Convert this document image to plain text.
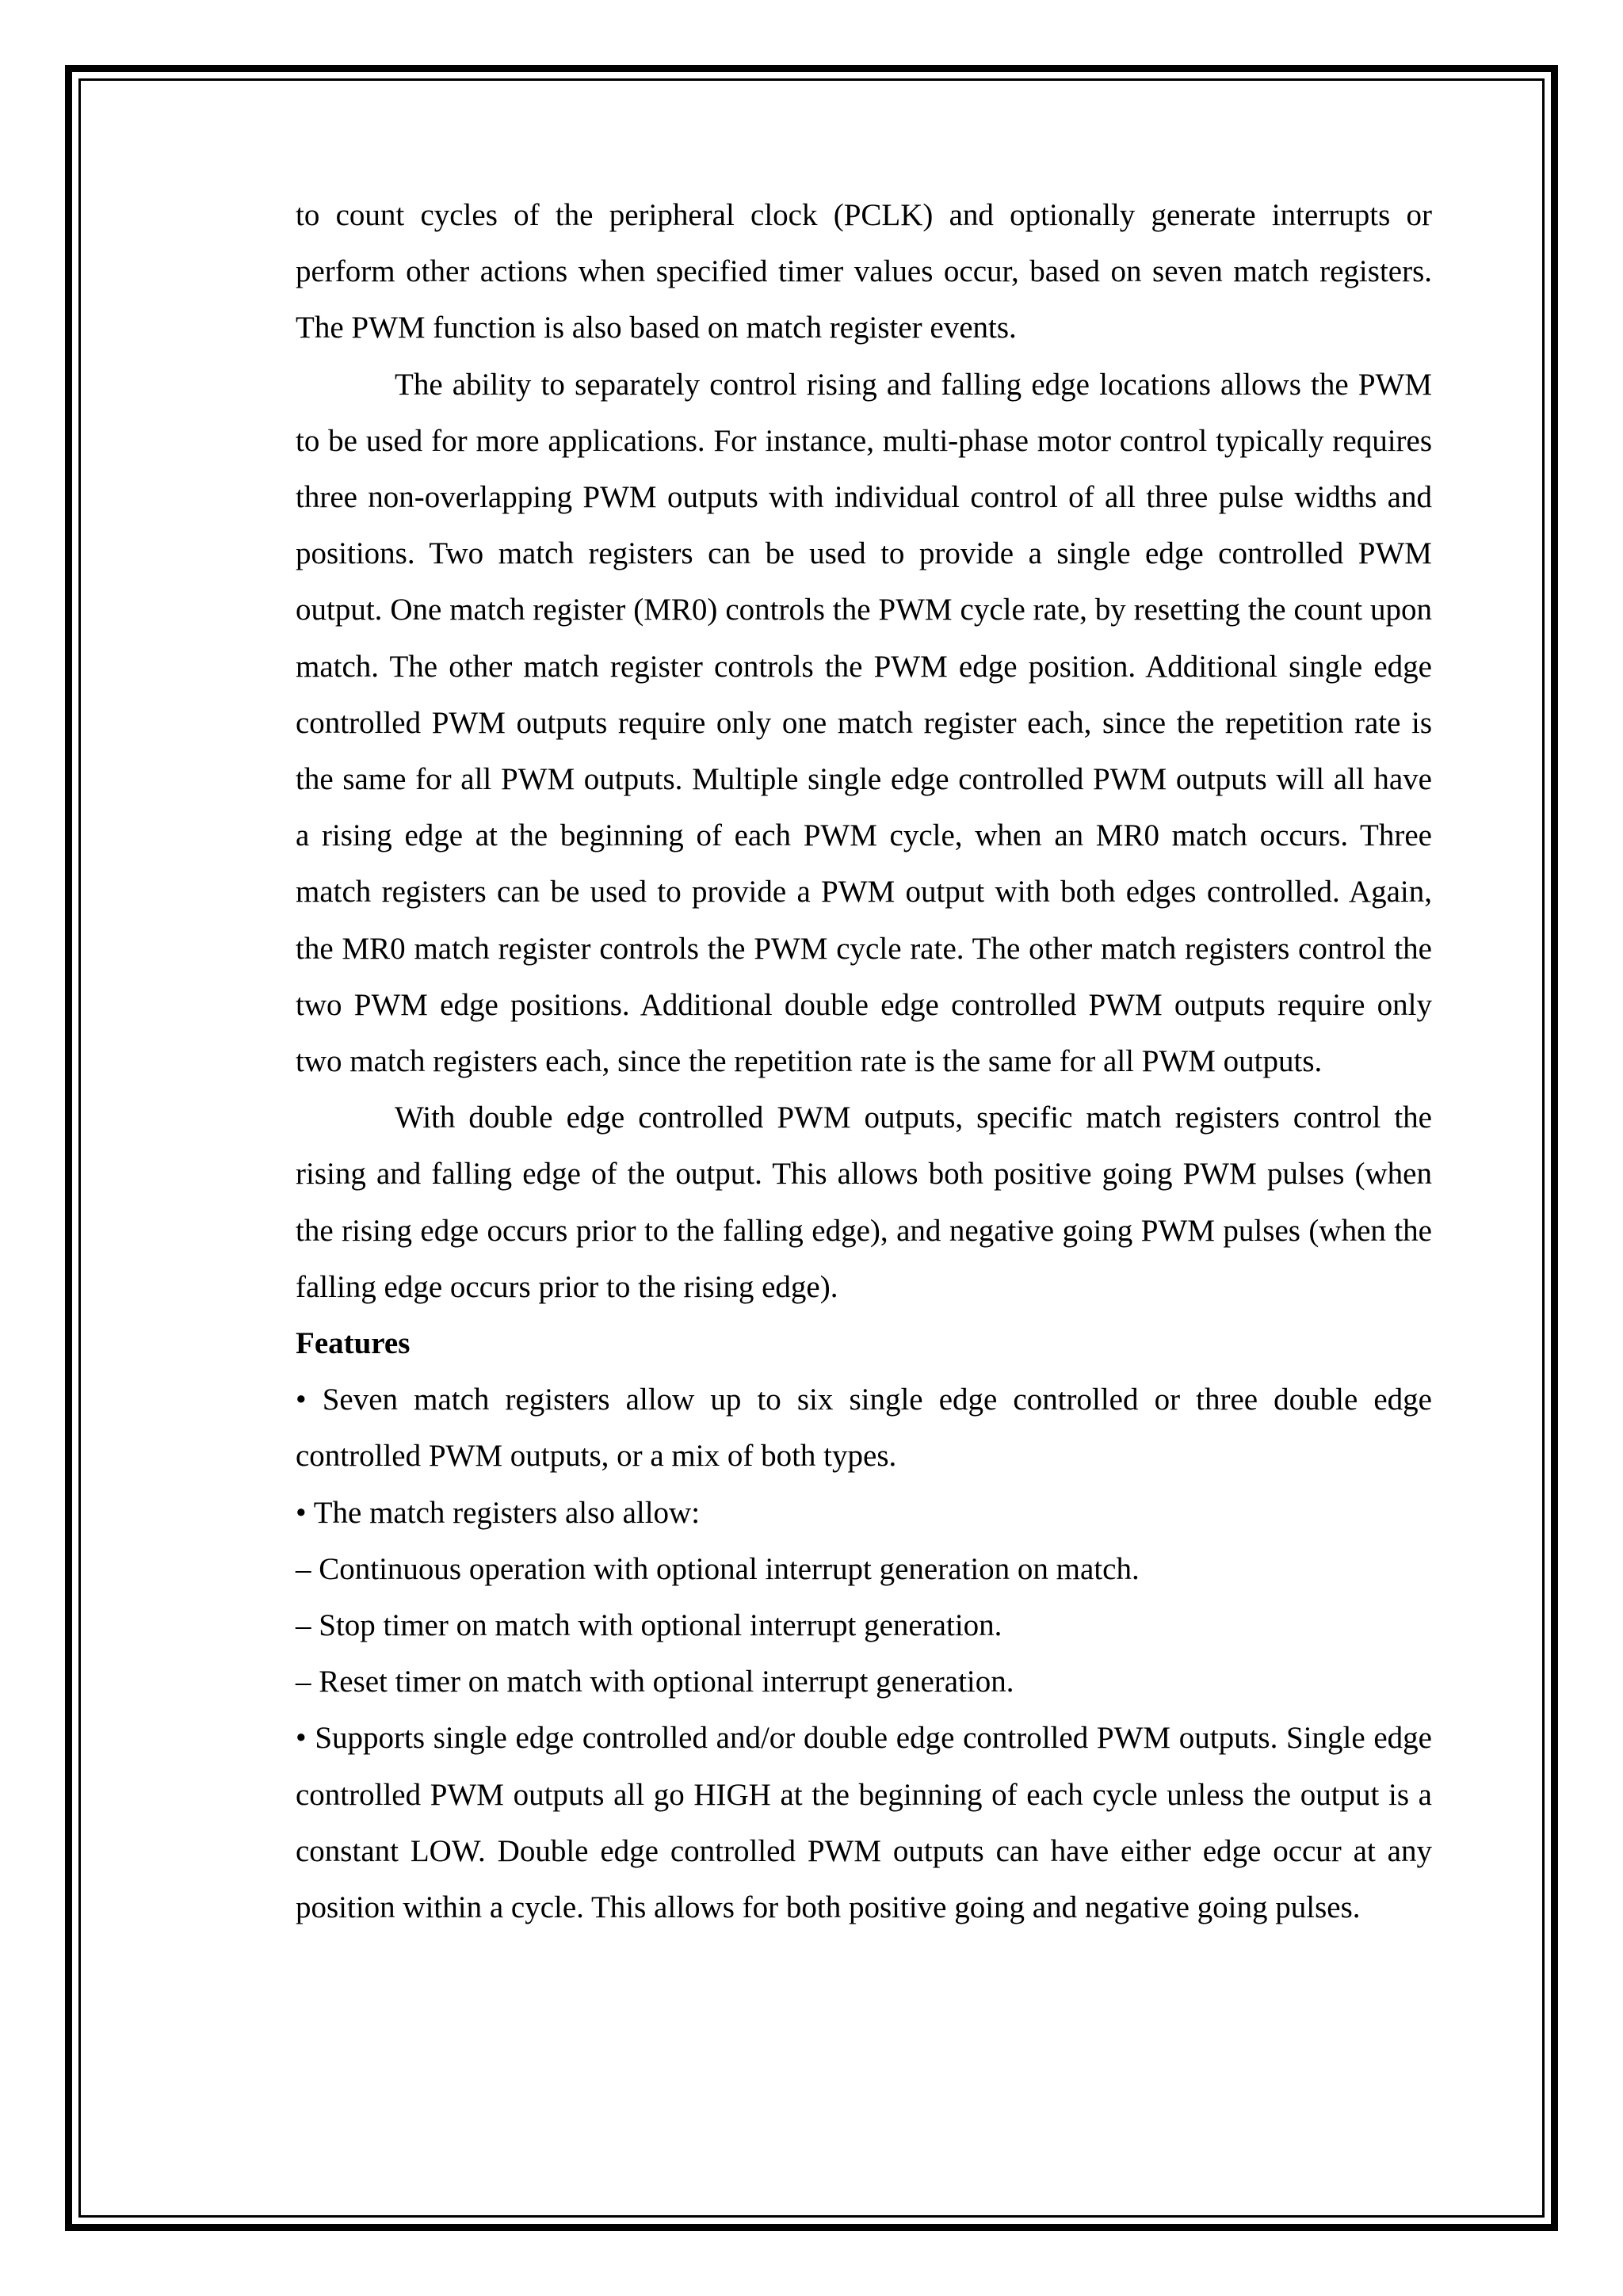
to count cycles of the peripheral clock (PCLK) and optionally generate interrupts or perform other actions when specified timer values occur, based on seven match registers. The PWM function is also based on match register events.

The ability to separately control rising and falling edge locations allows the PWM to be used for more applications. For instance, multi-phase motor control typically requires three non-overlapping PWM outputs with individual control of all three pulse widths and positions. Two match registers can be used to provide a single edge controlled PWM output. One match register (MR0) controls the PWM cycle rate, by resetting the count upon match. The other match register controls the PWM edge position. Additional single edge controlled PWM outputs require only one match register each, since the repetition rate is the same for all PWM outputs. Multiple single edge controlled PWM outputs will all have a rising edge at the beginning of each PWM cycle, when an MR0 match occurs. Three match registers can be used to provide a PWM output with both edges controlled. Again, the MR0 match register controls the PWM cycle rate. The other match registers control the two PWM edge positions. Additional double edge controlled PWM outputs require only two match registers each, since the repetition rate is the same for all PWM outputs.

With double edge controlled PWM outputs, specific match registers control the rising and falling edge of the output. This allows both positive going PWM pulses (when the rising edge occurs prior to the falling edge), and negative going PWM pulses (when the falling edge occurs prior to the rising edge).

Features

• Seven match registers allow up to six single edge controlled or three double edge controlled PWM outputs, or a mix of both types.

• The match registers also allow:

– Continuous operation with optional interrupt generation on match.

– Stop timer on match with optional interrupt generation.

– Reset timer on match with optional interrupt generation.

• Supports single edge controlled and/or double edge controlled PWM outputs. Single edge controlled PWM outputs all go HIGH at the beginning of each cycle unless the output is a constant LOW. Double edge controlled PWM outputs can have either edge occur at any position within a cycle. This allows for both positive going and negative going pulses.
